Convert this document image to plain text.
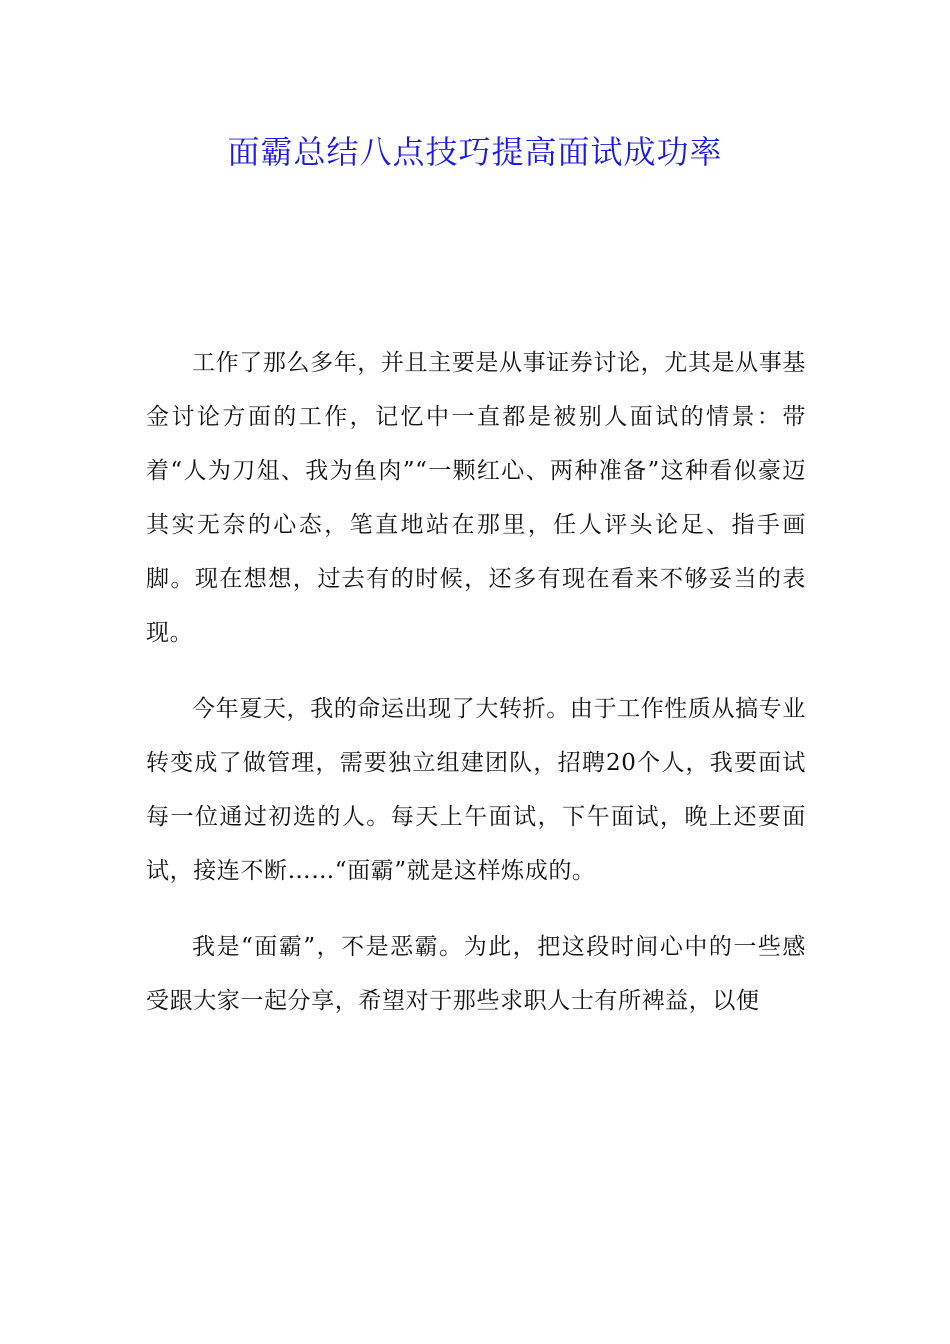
面霸总结八点技巧提高面试成功率

工作了那么多年，并且主要是从事证券讨论，尤其是从事基金讨论方面的工作，记忆中一直都是被别人面试的情景：带着“人为刀俎、我为鱼肉”“一颗红心、两种准备”这种看似豪迈其实无奈的心态，笔直地站在那里，任人评头论足、指手画脚。现在想想，过去有的时候，还多有现在看来不够妥当的表现。

今年夏天，我的命运出现了大转折。由于工作性质从搞专业转变成了做管理，需要独立组建团队，招聘20个人，我要面试每一位通过初选的人。每天上午面试，下午面试，晚上还要面试，接连不断……“面霸”就是这样炼成的。

我是“面霸”，不是恶霸。为此，把这段时间心中的一些感受跟大家一起分享，希望对于那些求职人士有所裨益，以便
